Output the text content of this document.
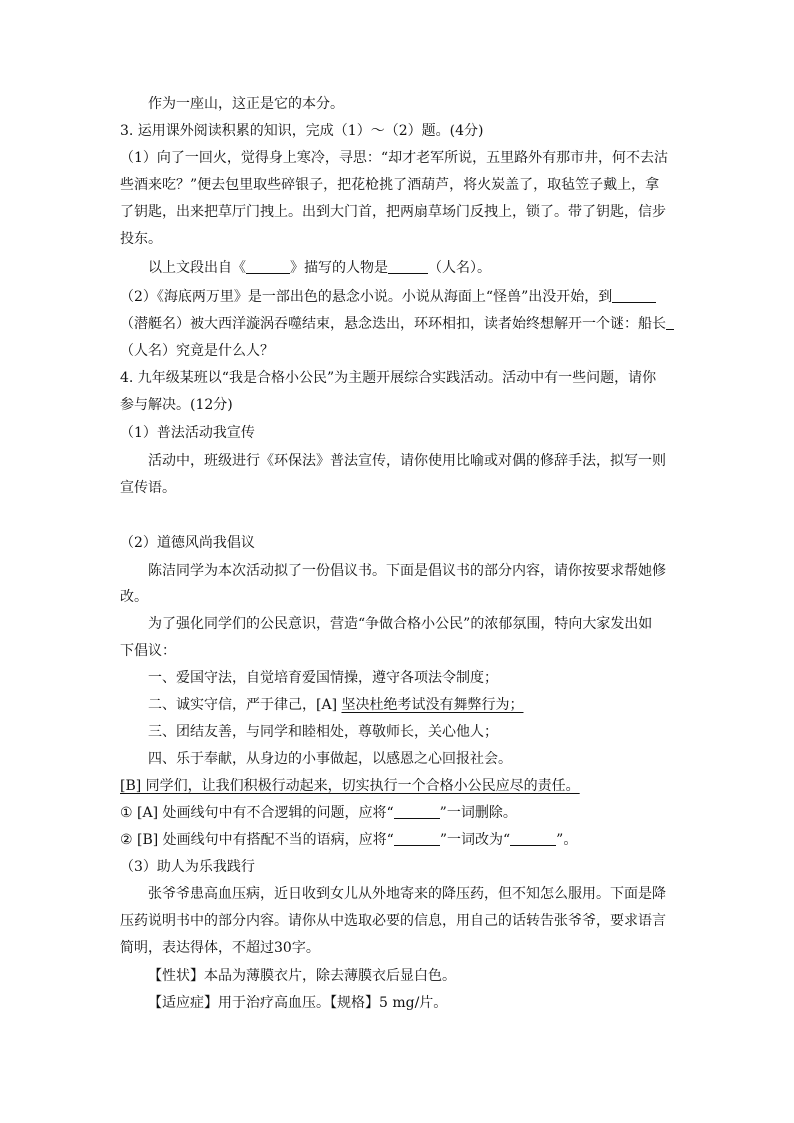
作为一座山，这正是它的本分。
3. 运用课外阅读积累的知识，完成（1）～（2）题。(4分)
（1）向了一回火，觉得身上寒冷，寻思：“却才老军所说，五里路外有那市井，何不去沽
些酒来吃？”便去包里取些碎银子，把花枪挑了酒葫芦，将火炭盖了，取毡笠子戴上，拿
了钥匙，出来把草厅门拽上。出到大门首，把两扇草场门反拽上，锁了。带了钥匙，信步
投东。
以上文段出自《	》描写的人物是	（人名）。
（2）《海底两万里》是一部出色的悬念小说。小说从海面上“怪兽”出没开始，到
（潜艇名）被大西洋漩涡吞噬结束，悬念迭出，环环相扣，读者始终想解开一个谜：船长
（人名）究竟是什么人？
4. 九年级某班以“我是合格小公民”为主题开展综合实践活动。活动中有一些问题，请你
参与解决。(12分)
（1）普法活动我宣传
活动中，班级进行《环保法》普法宣传，请你使用比喻或对偶的修辞手法，拟写一则
宣传语。
（2）道德风尚我倡议
陈洁同学为本次活动拟了一份倡议书。下面是倡议书的部分内容，请你按要求帮她修
改。
为了强化同学们的公民意识，营造“争做合格小公民”的浓郁氛围，特向大家发出如
下倡议：
一、爱国守法，自觉培育爱国情操，遵守各项法令制度；
二、诚实守信，严于律己，[A] 坚决杜绝考试没有舞弊行为；
三、团结友善，与同学和睦相处，尊敬师长，关心他人；
四、乐于奉献，从身边的小事做起，以感恩之心回报社会。
[B] 同学们，让我们积极行动起来，切实执行一个合格小公民应尽的责任。
① [A] 处画线句中有不合逻辑的问题，应将“	”一词删除。
② [B] 处画线句中有搭配不当的语病，应将“	”一词改为“	”。
（3）助人为乐我践行
张爷爷患高血压病，近日收到女儿从外地寄来的降压药，但不知怎么服用。下面是降
压药说明书中的部分内容。请你从中选取必要的信息，用自己的话转告张爷爷，要求语言
简明，表达得体，不超过30字。
【性状】本品为薄膜衣片，除去薄膜衣后显白色。
【适应症】用于治疗高血压。【规格】5 mg/片。
